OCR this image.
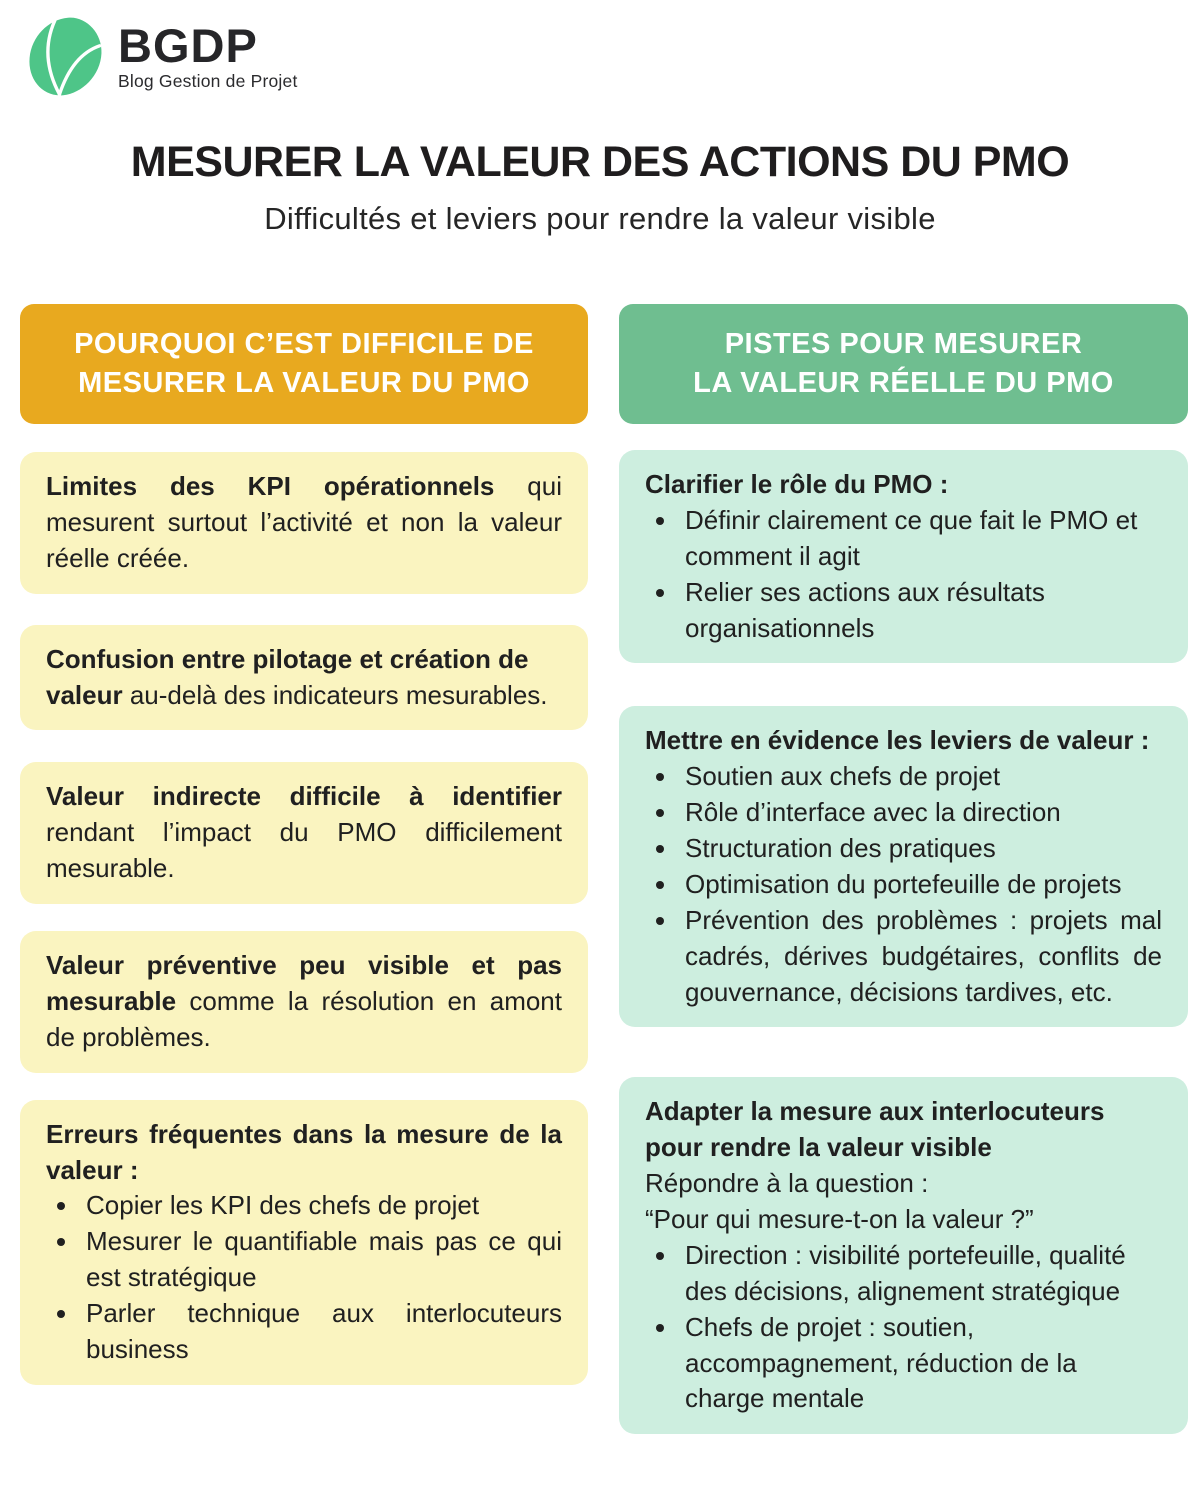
BGDP
Blog Gestion de Projet
MESURER LA VALEUR DES ACTIONS DU PMO
Difficultés et leviers pour rendre la valeur visible
POURQUOI C’EST DIFFICILE DE
MESURER LA VALEUR DU PMO
Limites des KPI opérationnels qui mesurent surtout l’activité et non la valeur réelle créée.
Confusion entre pilotage et création de valeur au-delà des indicateurs mesurables.
Valeur indirecte difficile à identifier rendant l’impact du PMO difficilement mesurable.
Valeur préventive peu visible et pas mesurable comme la résolution en amont de problèmes.
Erreurs fréquentes dans la mesure de la valeur :
• Copier les KPI des chefs de projet
• Mesurer le quantifiable mais pas ce qui est stratégique
• Parler technique aux interlocuteurs business
PISTES POUR MESURER
LA VALEUR RÉELLE DU PMO
Clarifier le rôle du PMO :
• Définir clairement ce que fait le PMO et comment il agit
• Relier ses actions aux résultats organisationnels
Mettre en évidence les leviers de valeur :
• Soutien aux chefs de projet
• Rôle d’interface avec la direction
• Structuration des pratiques
• Optimisation du portefeuille de projets
• Prévention des problèmes : projets mal cadrés, dérives budgétaires, conflits de gouvernance, décisions tardives, etc.
Adapter la mesure aux interlocuteurs pour rendre la valeur visible
Répondre à la question :
“Pour qui mesure-t-on la valeur ?”
• Direction : visibilité portefeuille, qualité des décisions, alignement stratégique
• Chefs de projet : soutien, accompagnement, réduction de la charge mentale
